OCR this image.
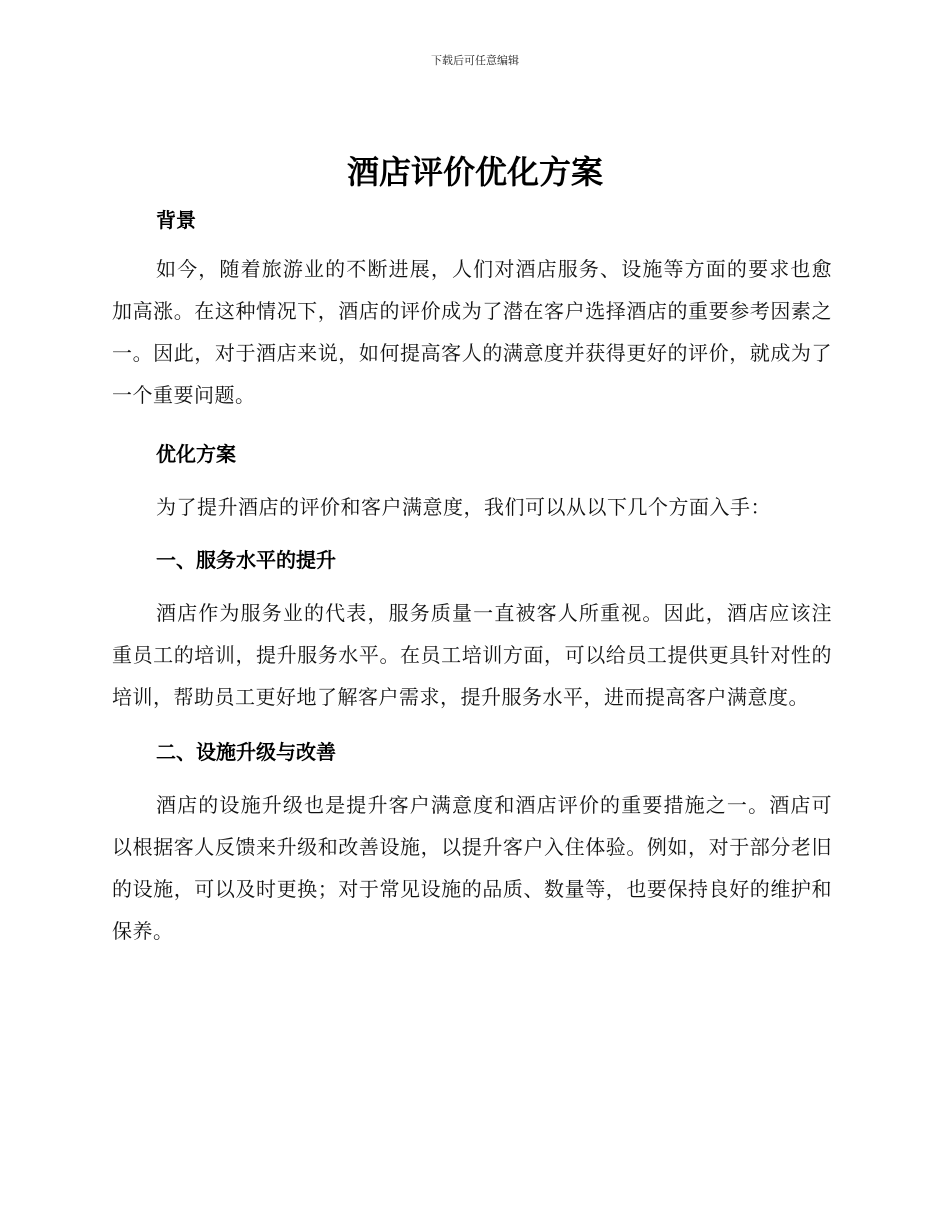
下载后可任意编辑
酒店评价优化方案
背景

如今，随着旅游业的不断进展，人们对酒店服务、设施等方面的要求也愈加高涨。在这种情况下，酒店的评价成为了潜在客户选择酒店的重要参考因素之一。因此，对于酒店来说，如何提高客人的满意度并获得更好的评价，就成为了一个重要问题。

优化方案

为了提升酒店的评价和客户满意度，我们可以从以下几个方面入手：

一、服务水平的提升

酒店作为服务业的代表，服务质量一直被客人所重视。因此，酒店应该注重员工的培训，提升服务水平。在员工培训方面，可以给员工提供更具针对性的培训，帮助员工更好地了解客户需求，提升服务水平，进而提高客户满意度。

二、设施升级与改善

酒店的设施升级也是提升客户满意度和酒店评价的重要措施之一。酒店可以根据客人反馈来升级和改善设施，以提升客户入住体验。例如，对于部分老旧的设施，可以及时更换；对于常见设施的品质、数量等，也要保持良好的维护和保养。
